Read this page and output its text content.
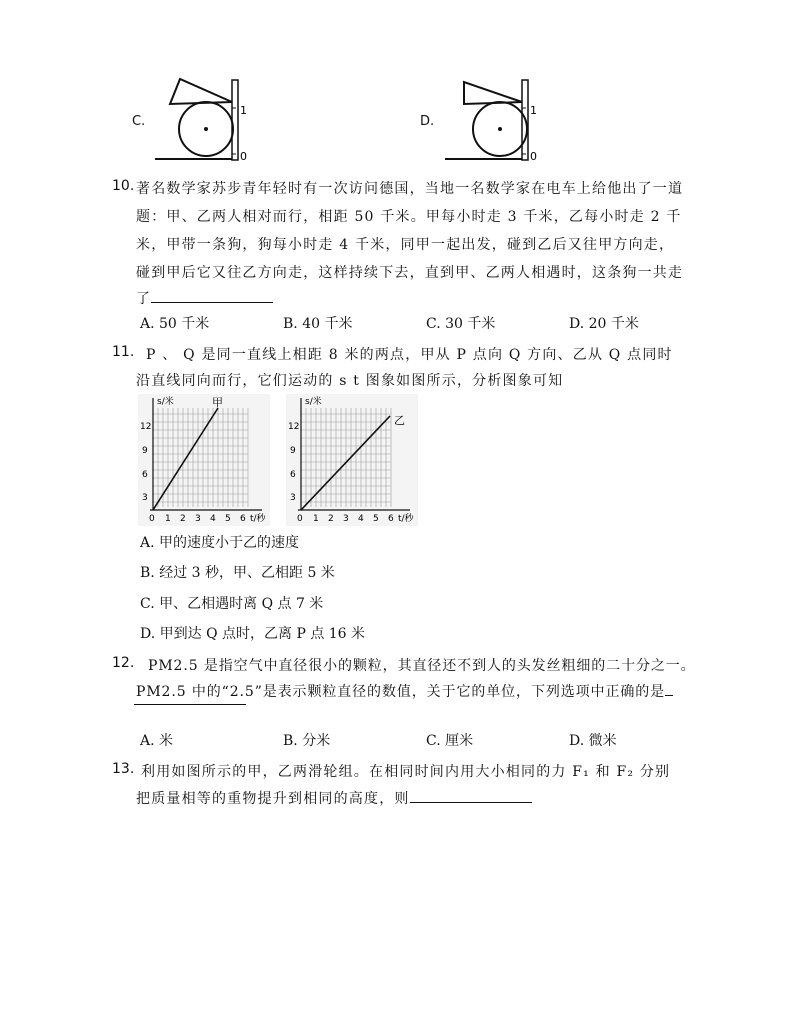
C.
1
0
D.
1
0
10. 著名数学家苏步青年轻时有一次访问德国，当地一名数学家在电车上给他出了一道
题：甲、乙两人相对而行，相距 50 千米。甲每小时走 3 千米，乙每小时走 2 千
米，甲带一条狗，狗每小时走 4 千米，同甲一起出发，碰到乙后又往甲方向走，
碰到甲后它又往乙方向走，这样持续下去，直到甲、乙两人相遇时，这条狗一共走
了
A. 50 千米	B. 40 千米	C. 30 千米	D. 20 千米
11. P 、 Q 是同一直线上相距 8 米的两点，甲从 P 点向 Q 方向、乙从 Q 点同时
沿直线同向而行，它们运动的 s t 图象如图所示，分析图象可知
s/米	甲
12
9
6
3
0 1 2 3 4 5 6 t/秒
s/米
乙
12
9
6
3
0 1 2 3 4 5 6 t/秒
A. 甲的速度小于乙的速度
B. 经过 3 秒，甲、乙相距 5 米
C. 甲、乙相遇时离 Q 点 7 米
D. 甲到达 Q 点时，乙离 P 点 16 米
12. PM2.5 是指空气中直径很小的颗粒，其直径还不到人的头发丝粗细的二十分之一。
PM2.5 中的“2.5”是表示颗粒直径的数值，关于它的单位，下列选项中正确的是
A. 米	B. 分米	C. 厘米	D. 微米
13. 利用如图所示的甲，乙两滑轮组。在相同时间内用大小相同的力 F₁ 和 F₂ 分别
把质量相等的重物提升到相同的高度，则
